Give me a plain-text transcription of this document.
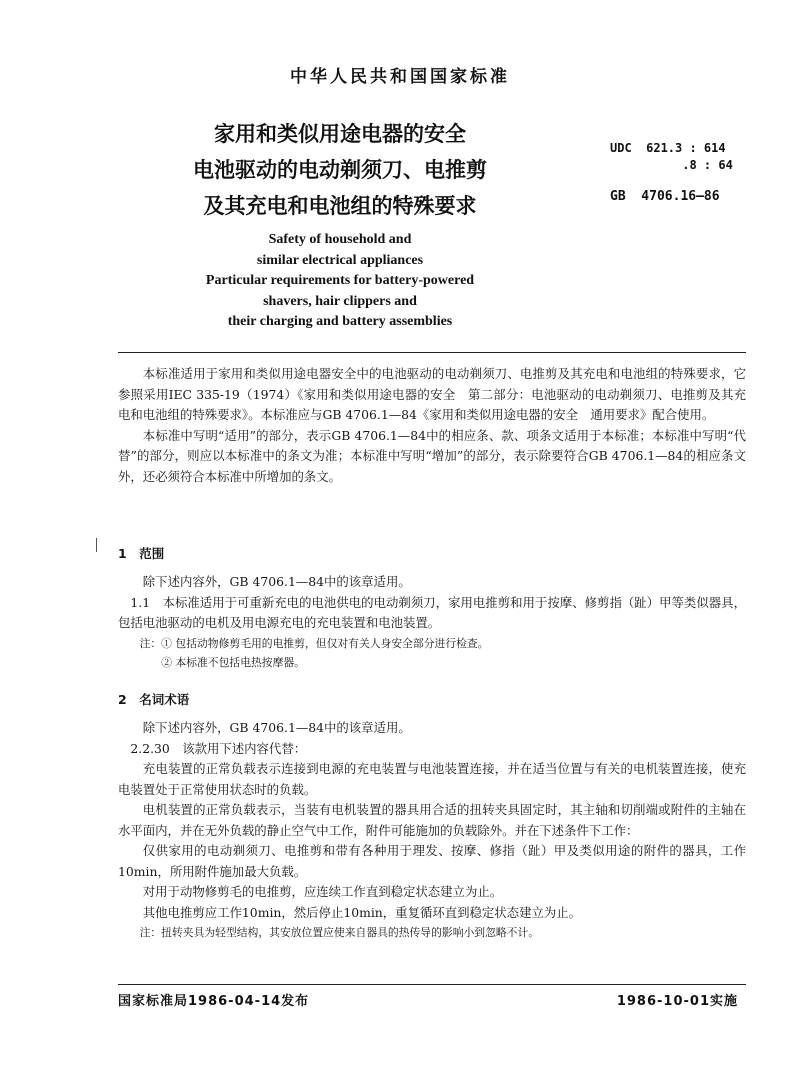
中华人民共和国国家标准
家用和类似用途电器的安全
电池驱动的电动剃须刀、电推剪
及其充电和电池组的特殊要求
UDC  621.3 : 614
.8 : 64
GB  4706.16—86
Safety of household and
similar electrical appliances
Particular requirements for battery-powered
shavers, hair clippers and
their charging and battery assemblies

本标准适用于家用和类似用途电器安全中的电池驱动的电动剃须刀、电推剪及其充电和电池组的特殊要求，它参照采用IEC 335-19（1974）《家用和类似用途电器的安全　第二部分：电池驱动的电动剃须刀、电推剪及其充电和电池组的特殊要求》。本标准应与GB 4706.1—84《家用和类似用途电器的安全　通用要求》配合使用。

本标准中写明“适用”的部分，表示GB 4706.1—84中的相应条、款、项条文适用于本标准；本标准中写明“代替”的部分，则应以本标准中的条文为准；本标准中写明“增加”的部分，表示除要符合GB 4706.1—84的相应条文外，还必须符合本标准中所增加的条文。

1　范围

除下述内容外，GB 4706.1—84中的该章适用。

1.1　本标准适用于可重新充电的电池供电的电动剃须刀，家用电推剪和用于按摩、修剪指（趾）甲等类似器具，包括电池驱动的电机及用电源充电的充电装置和电池装置。

注：① 包括动物修剪毛用的电推剪，但仅对有关人身安全部分进行检查。
② 本标准不包括电热按摩器。

2　名词术语

除下述内容外，GB 4706.1—84中的该章适用。

2.2.30　该款用下述内容代替：

充电装置的正常负载表示连接到电源的充电装置与电池装置连接，并在适当位置与有关的电机装置连接，使充电装置处于正常使用状态时的负载。

电机装置的正常负载表示，当装有电机装置的器具用合适的扭转夹具固定时，其主轴和切削端或附件的主轴在水平面内，并在无外负载的静止空气中工作，附件可能施加的负载除外。并在下述条件下工作：

仅供家用的电动剃须刀、电推剪和带有各种用于理发、按摩、修指（趾）甲及类似用途的附件的器具，工作10min，所用附件施加最大负载。

对用于动物修剪毛的电推剪，应连续工作直到稳定状态建立为止。

其他电推剪应工作10min，然后停止10min，重复循环直到稳定状态建立为止。

注：扭转夹具为轻型结构，其安放位置应使来自器具的热传导的影响小到忽略不计。
国家标准局1986-04-14发布	1986-10-01实施
